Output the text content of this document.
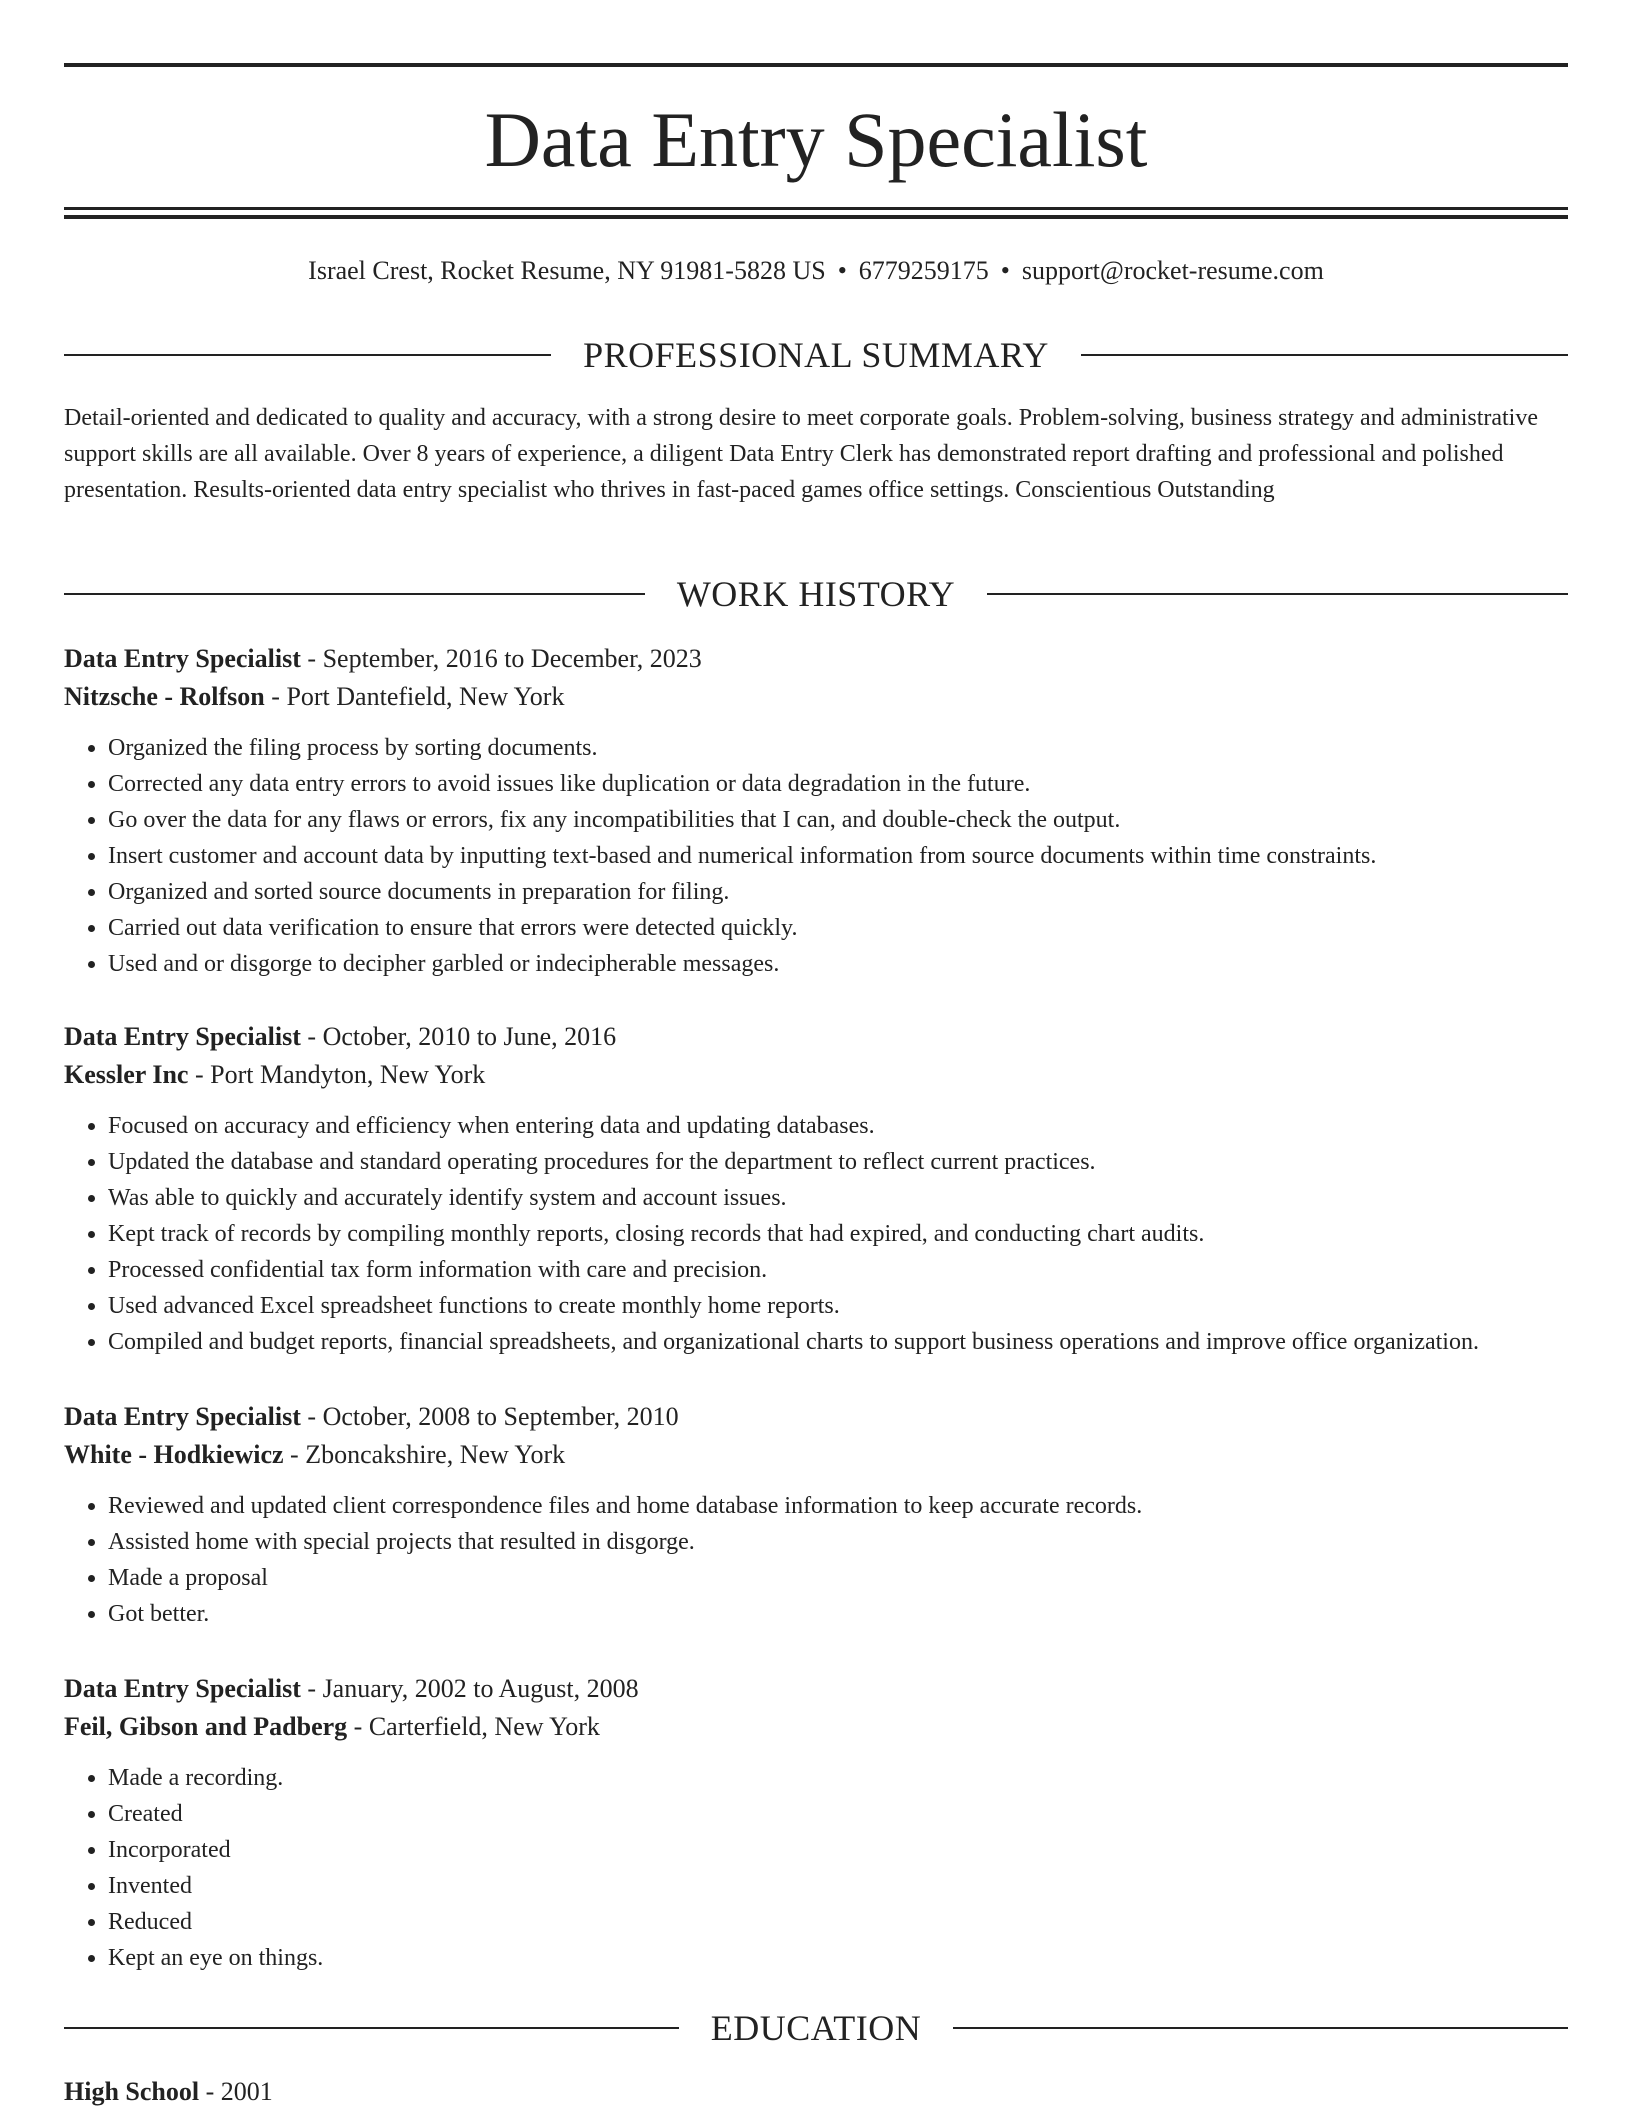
Data Entry Specialist
Israel Crest, Rocket Resume, NY 91981-5828 US • 6779259175 • support@rocket-resume.com
PROFESSIONAL SUMMARY
Detail-oriented and dedicated to quality and accuracy, with a strong desire to meet corporate goals. Problem-solving, business strategy and administrative support skills are all available. Over 8 years of experience, a diligent Data Entry Clerk has demonstrated report drafting and professional and polished presentation. Results-oriented data entry specialist who thrives in fast-paced games office settings. Conscientious Outstanding
WORK HISTORY
Data Entry Specialist - September, 2016 to December, 2023
Nitzsche - Rolfson - Port Dantefield, New York
• Organized the filing process by sorting documents.
• Corrected any data entry errors to avoid issues like duplication or data degradation in the future.
• Go over the data for any flaws or errors, fix any incompatibilities that I can, and double-check the output.
• Insert customer and account data by inputting text-based and numerical information from source documents within time constraints.
• Organized and sorted source documents in preparation for filing.
• Carried out data verification to ensure that errors were detected quickly.
• Used and or disgorge to decipher garbled or indecipherable messages.
Data Entry Specialist - October, 2010 to June, 2016
Kessler Inc - Port Mandyton, New York
• Focused on accuracy and efficiency when entering data and updating databases.
• Updated the database and standard operating procedures for the department to reflect current practices.
• Was able to quickly and accurately identify system and account issues.
• Kept track of records by compiling monthly reports, closing records that had expired, and conducting chart audits.
• Processed confidential tax form information with care and precision.
• Used advanced Excel spreadsheet functions to create monthly home reports.
• Compiled and budget reports, financial spreadsheets, and organizational charts to support business operations and improve office organization.
Data Entry Specialist - October, 2008 to September, 2010
White - Hodkiewicz - Zboncakshire, New York
• Reviewed and updated client correspondence files and home database information to keep accurate records.
• Assisted home with special projects that resulted in disgorge.
• Made a proposal
• Got better.
Data Entry Specialist - January, 2002 to August, 2008
Feil, Gibson and Padberg - Carterfield, New York
• Made a recording.
• Created
• Incorporated
• Invented
• Reduced
• Kept an eye on things.
EDUCATION
High School - 2001
